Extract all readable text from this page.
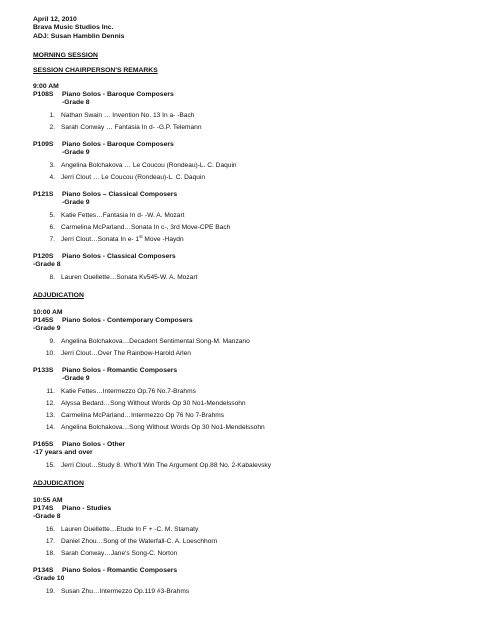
April 12, 2010
Brava Music Studios Inc.
ADJ: Susan Hamblin Dennis
MORNING SESSION
SESSION CHAIRPERSON'S REMARKS
9:00 AM
P108S Piano Solos - Baroque Composers
-Grade 8
1. Nathan Swain … Invention No. 13 In a- -Bach
2. Sarah Conway … Fantasia In d- -G.P. Telemann
P109S Piano Solos - Baroque Composers
-Grade 9
3. Angelina Bolchakova … Le Coucou (Rondeau)-L. C. Daquin
4. Jerri Clout … Le Coucou (Rondeau)-L. C. Daquin
P121S Piano Solos – Classical Composers
-Grade 9
5. Katie Fettes…Fantasia In d- -W. A. Mozart
6. Carmelina McParland…Sonata In c-, 3rd Move-CPE Bach
7. Jerri Clout…Sonata In e- 1st Move -Haydn
P120S Piano Solos - Classical Composers
-Grade 8
8. Lauren Ouellette…Sonata Kv545-W. A. Mozart
ADJUDICATION
10:00 AM
P145S Piano Solos - Contemporary Composers
-Grade 9
9. Angelina Bolchakova…Decadent Sentimental Song-M. Manzano
10. Jerri Clout…Over The Rainbow-Harold Arlen
P133S Piano Solos - Romantic Composers
-Grade 9
11. Katie Fettes…Intermezzo Op.76 No.7-Brahms
12. Alyssa Bedard…Song Without Words Op 30 No1-Mendelssohn
13. Carmelina McParland…Intermezzo Op 76 No 7-Brahms
14. Angelina Bolchakova…Song Without Words Op 30 No1-Mendelssohn
P165S Piano Solos - Other
-17 years and over
15. Jerri Clout…Study 8. Who'll Win The Argument Op.88 No. 2-Kabalevsky
ADJUDICATION
10:55 AM
P174S Piano - Studies
-Grade 8
16. Lauren Ouellette…Etude In F + -C. M. Stamaty
17. Daniel Zhou…Song of the Waterfall-C. A. Loeschhorn
18. Sarah Conway…Jane's Song-C. Norton
P134S Piano Solos - Romantic Composers
-Grade 10
19. Susan Zhu…Intermezzo Op.119 #3-Brahms
